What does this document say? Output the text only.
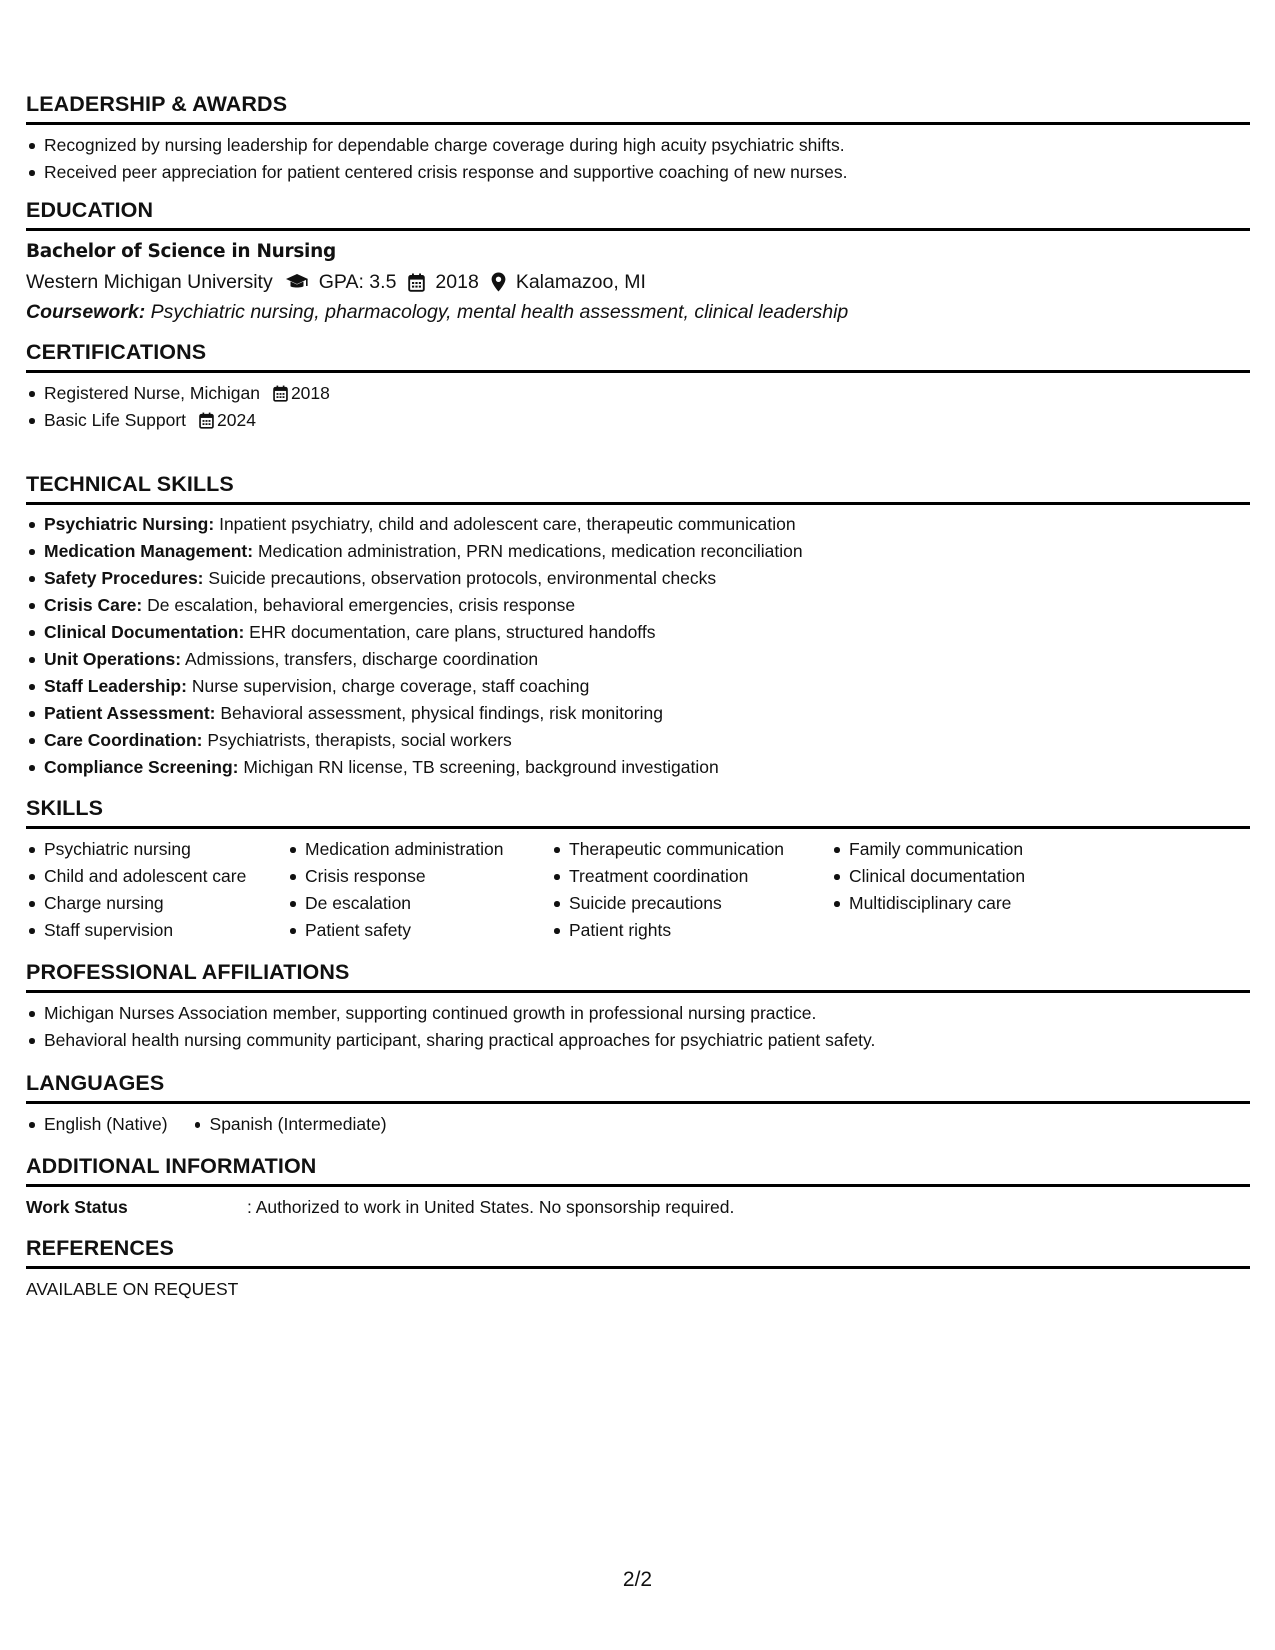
LEADERSHIP & AWARDS
Recognized by nursing leadership for dependable charge coverage during high acuity psychiatric shifts.
Received peer appreciation for patient centered crisis response and supportive coaching of new nurses.
EDUCATION
Bachelor of Science in Nursing
Western Michigan University GPA: 3.5 2018 Kalamazoo, MI
Coursework: Psychiatric nursing, pharmacology, mental health assessment, clinical leadership
CERTIFICATIONS
Registered Nurse, Michigan 2018
Basic Life Support 2024
TECHNICAL SKILLS
Psychiatric Nursing: Inpatient psychiatry, child and adolescent care, therapeutic communication
Medication Management: Medication administration, PRN medications, medication reconciliation
Safety Procedures: Suicide precautions, observation protocols, environmental checks
Crisis Care: De escalation, behavioral emergencies, crisis response
Clinical Documentation: EHR documentation, care plans, structured handoffs
Unit Operations: Admissions, transfers, discharge coordination
Staff Leadership: Nurse supervision, charge coverage, staff coaching
Patient Assessment: Behavioral assessment, physical findings, risk monitoring
Care Coordination: Psychiatrists, therapists, social workers
Compliance Screening: Michigan RN license, TB screening, background investigation
SKILLS
Psychiatric nursing
Child and adolescent care
Charge nursing
Staff supervision
Medication administration
Crisis response
De escalation
Patient safety
Therapeutic communication
Treatment coordination
Suicide precautions
Patient rights
Family communication
Clinical documentation
Multidisciplinary care
PROFESSIONAL AFFILIATIONS
Michigan Nurses Association member, supporting continued growth in professional nursing practice.
Behavioral health nursing community participant, sharing practical approaches for psychiatric patient safety.
LANGUAGES
English (Native)	Spanish (Intermediate)
ADDITIONAL INFORMATION
Work Status	: Authorized to work in United States. No sponsorship required.
REFERENCES
AVAILABLE ON REQUEST
2/2
